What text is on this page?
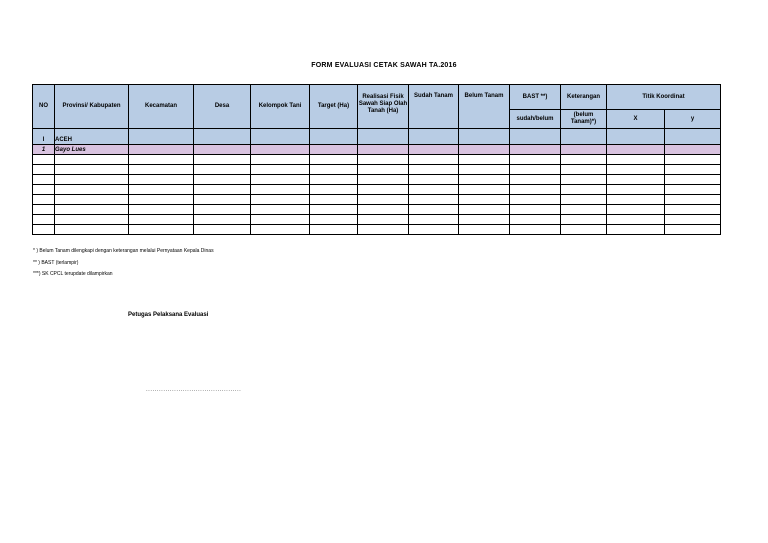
FORM EVALUASI CETAK SAWAH TA.2016
NO	Provinsi/ Kabupaten	Kecamatan	Desa	Kelompok Tani	Target (Ha)	Realisasi Fisik Sawah Siap Olah Tanah (Ha)	Sudah Tanam	Belum Tanam	BAST **)	Keterangan	Titik Koordinat	
									sudah/belum	(belum Tanam)*)	X	y
I	ACEH											
1	Gayo Lues											

* ) Belum Tanam dilengkapi dengan keterangan melalui Pernyataan Kepala Dinas
** ) BAST (terlampir)
***) SK CPCL terupdate dilampirkan
Petugas Pelaksana Evaluasi
............................................
